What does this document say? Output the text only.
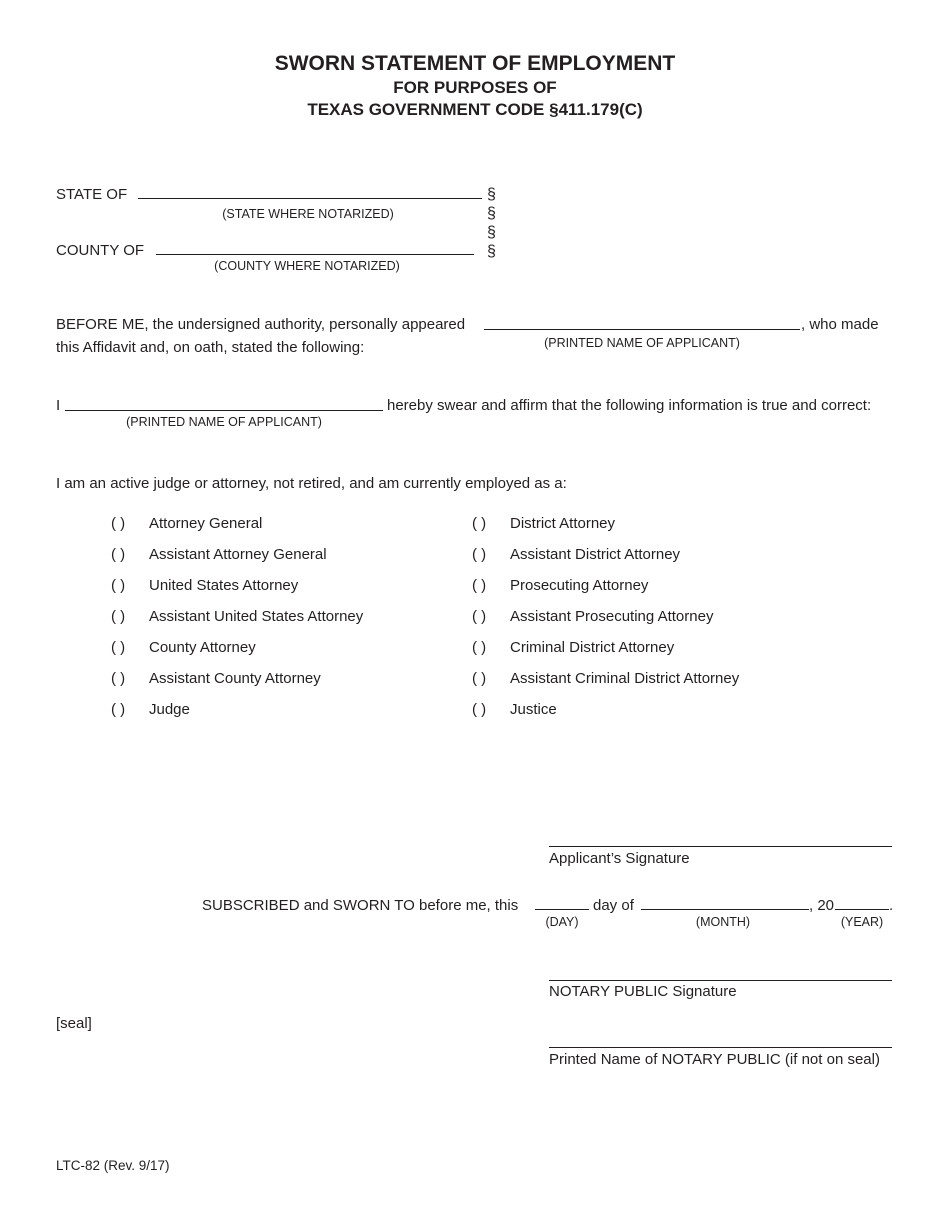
SWORN STATEMENT OF EMPLOYMENT
FOR PURPOSES OF
TEXAS GOVERNMENT CODE §411.179(C)
STATE OF
(STATE WHERE NOTARIZED)
COUNTY OF
(COUNTY WHERE NOTARIZED)
§
§
§
§
BEFORE ME, the undersigned authority, personally appeared	, who made
this Affidavit and, on oath, stated the following:	(PRINTED NAME OF APPLICANT)
I	hereby swear and affirm that the following information is true and correct:
(PRINTED NAME OF APPLICANT)
I am an active judge or attorney, not retired, and am currently employed as a:
( ) Attorney General
( ) Assistant Attorney General
( ) United States Attorney
( ) Assistant United States Attorney
( ) County Attorney
( ) Assistant County Attorney
( ) Judge
( ) District Attorney
( ) Assistant District Attorney
( ) Prosecuting Attorney
( ) Assistant Prosecuting Attorney
( ) Criminal District Attorney
( ) Assistant Criminal District Attorney
( ) Justice
Applicant’s Signature
SUBSCRIBED and SWORN TO before me, this	day of	, 20	.
(DAY)	(MONTH)	(YEAR)
NOTARY PUBLIC Signature
[seal]
Printed Name of NOTARY PUBLIC (if not on seal)
LTC-82 (Rev. 9/17)
